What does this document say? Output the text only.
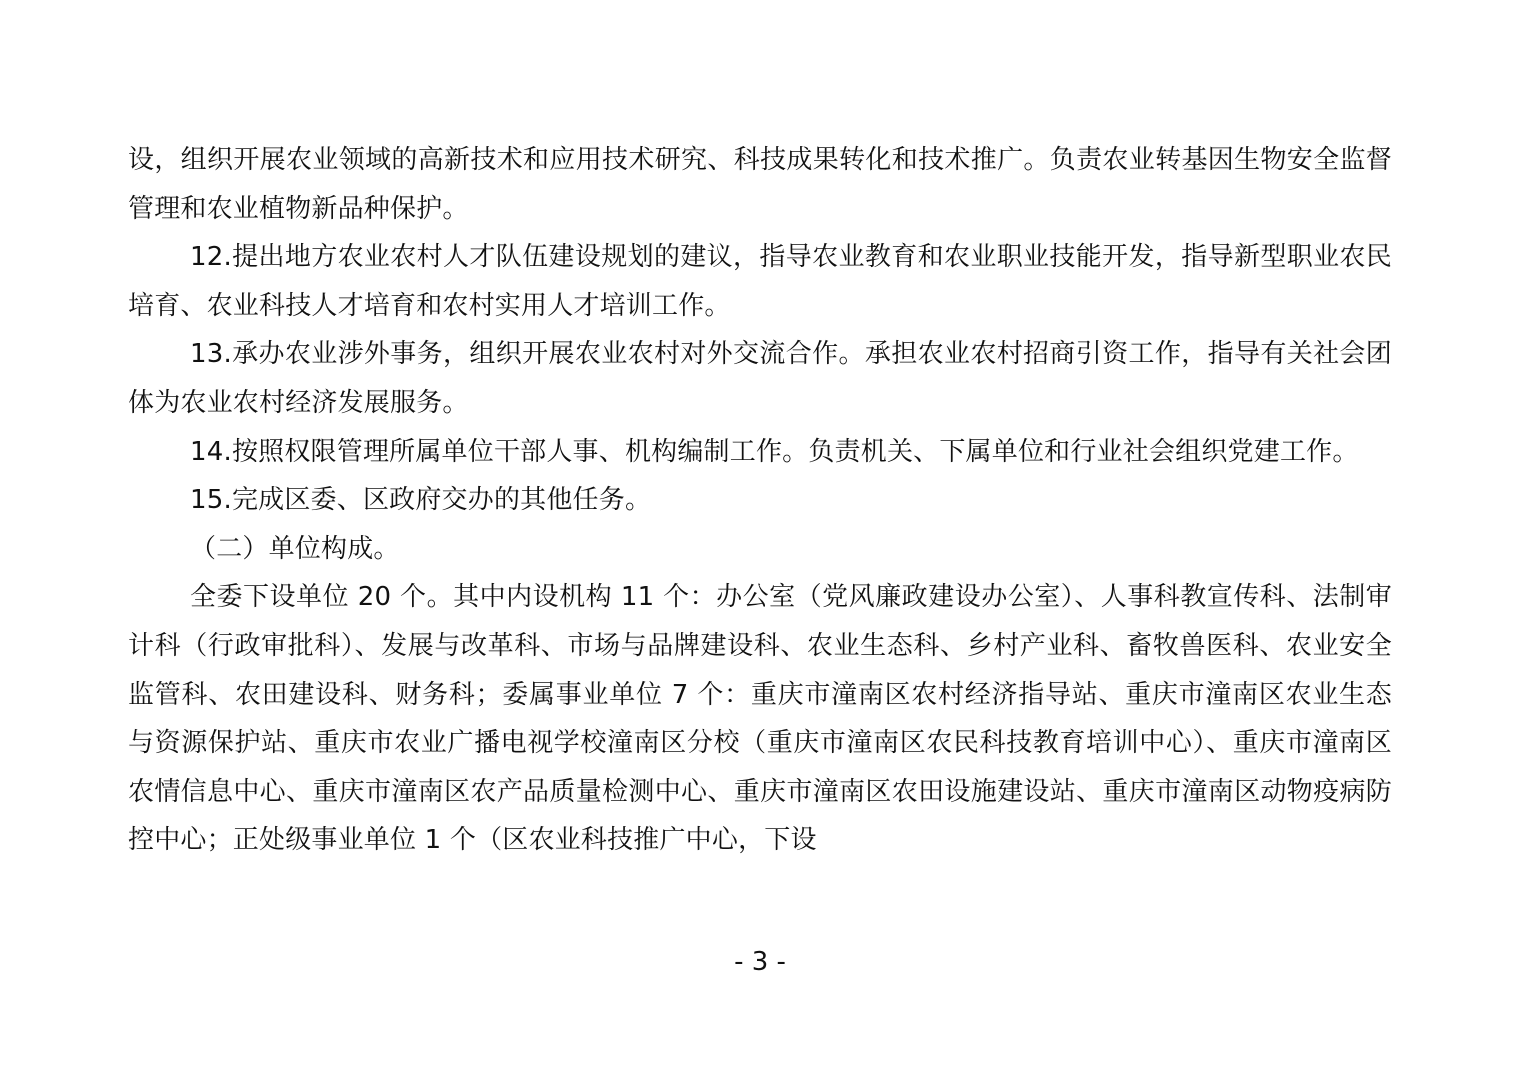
设，组织开展农业领域的高新技术和应用技术研究、科技成果转化和技术推广。负责农业转基因生物安全监督管理和农业植物新品种保护。

12.提出地方农业农村人才队伍建设规划的建议，指导农业教育和农业职业技能开发，指导新型职业农民培育、农业科技人才培育和农村实用人才培训工作。

13.承办农业涉外事务，组织开展农业农村对外交流合作。承担农业农村招商引资工作，指导有关社会团体为农业农村经济发展服务。

14.按照权限管理所属单位干部人事、机构编制工作。负责机关、下属单位和行业社会组织党建工作。

15.完成区委、区政府交办的其他任务。

（二）单位构成。

全委下设单位 20 个。其中内设机构 11 个：办公室（党风廉政建设办公室）、人事科教宣传科、法制审计科（行政审批科）、发展与改革科、市场与品牌建设科、农业生态科、乡村产业科、畜牧兽医科、农业安全监管科、农田建设科、财务科；委属事业单位 7 个：重庆市潼南区农村经济指导站、重庆市潼南区农业生态与资源保护站、重庆市农业广播电视学校潼南区分校（重庆市潼南区农民科技教育培训中心）、重庆市潼南区农情信息中心、重庆市潼南区农产品质量检测中心、重庆市潼南区农田设施建设站、重庆市潼南区动物疫病防控中心；正处级事业单位 1 个（区农业科技推广中心，下设

- 3 -
